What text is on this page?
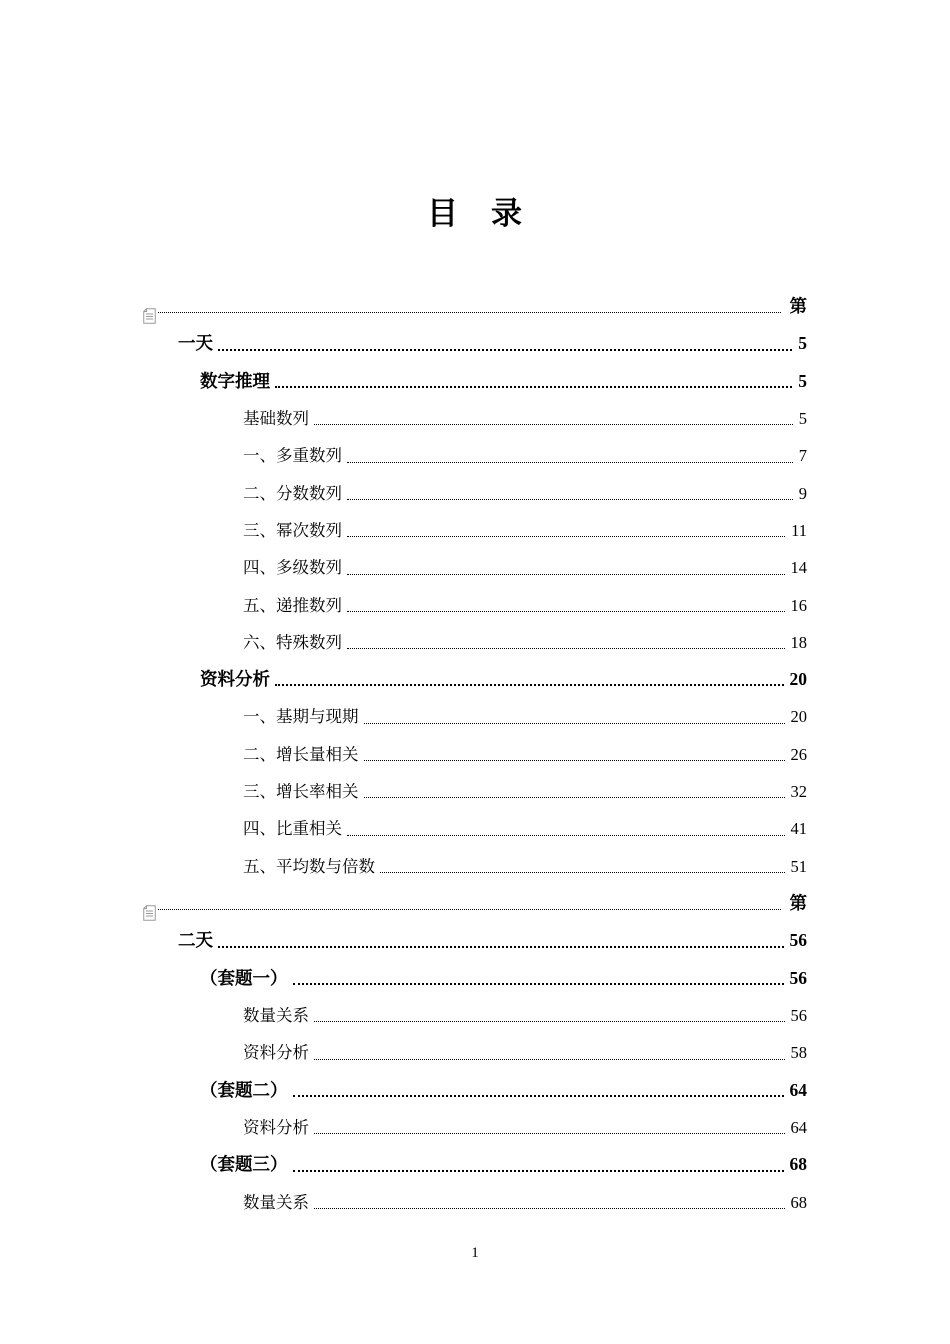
目　录
第
一天	5
数字推理	5
基础数列	5
一、多重数列	7
二、分数数列	9
三、幂次数列	11
四、多级数列	14
五、递推数列	16
六、特殊数列	18
资料分析	20
一、基期与现期	20
二、增长量相关	26
三、增长率相关	32
四、比重相关	41
五、平均数与倍数	51
第
二天	56
（套题一）	56
数量关系	56
资料分析	58
（套题二）	64
资料分析	64
（套题三）	68
数量关系	68
1
